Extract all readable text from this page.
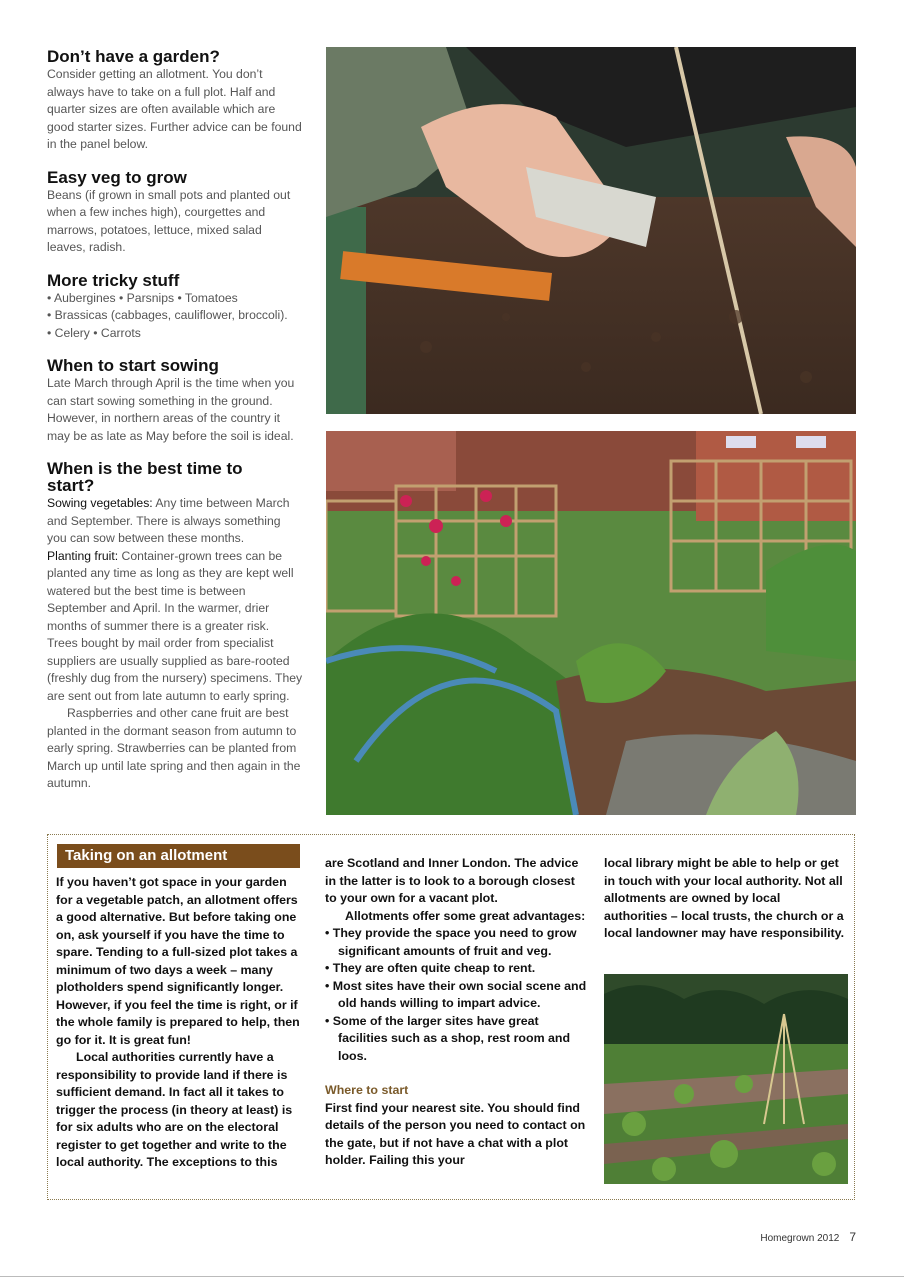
Don’t have a garden?

Consider getting an allotment. You don’t always have to take on a full plot. Half and quarter sizes are often available which are good starter sizes. Further advice can be found in the panel below.

Easy veg to grow

Beans (if grown in small pots and planted out when a few inches high), courgettes and marrows, potatoes, lettuce, mixed salad leaves, radish.

More tricky stuff
• Aubergines • Parsnips • Tomatoes
• Brassicas (cabbages, cauliflower, broccoli).
• Celery • Carrots
When to start sowing

Late March through April is the time when you can start sowing something in the ground. However, in northern areas of the country it may be as late as May before the soil is ideal.

When is the best time to start?

Sowing vegetables: Any time between March and September. There is always something you can sow between these months.

Planting fruit: Container-grown trees can be planted any time as long as they are kept well watered but the best time is between September and April. In the warmer, drier months of summer there is a greater risk. Trees bought by mail order from specialist suppliers are usually supplied as bare-rooted (freshly dug from the nursery) specimens. They are sent out from late autumn to early spring.

Raspberries and other cane fruit are best planted in the dormant season from autumn to early spring. Strawberries can be planted from March up until late spring and then again in the autumn.

Taking on an allotment

If you haven’t got space in your garden for a vegetable patch, an allotment offers a good alternative. But before taking one on, ask yourself if you have the time to spare. Tending to a full-sized plot takes a minimum of two days a week – many plotholders spend significantly longer. However, if you feel the time is right, or if the whole family is prepared to help, then go for it. It is great fun!

Local authorities currently have a responsibility to provide land if there is sufficient demand. In fact all it takes to trigger the process (in theory at least) is for six adults who are on the electoral register to get together and write to the local authority. The exceptions to this

are Scotland and Inner London. The advice in the latter is to look to a borough closest to your own for a vacant plot.

Allotments offer some great advantages:

• They provide the space you need to grow significant amounts of fruit and veg.
• They are often quite cheap to rent.
• Most sites have their own social scene and old hands willing to impart advice.
• Some of the larger sites have great facilities such as a shop, rest room and loos.

Where to start

First find your nearest site. You should find details of the person you need to contact on the gate, but if not have a chat with a plot holder. Failing this your

local library might be able to help or get in touch with your local authority. Not all allotments are owned by local authorities – local trusts, the church or a local landowner may have responsibility.

Homegrown 2012 7
